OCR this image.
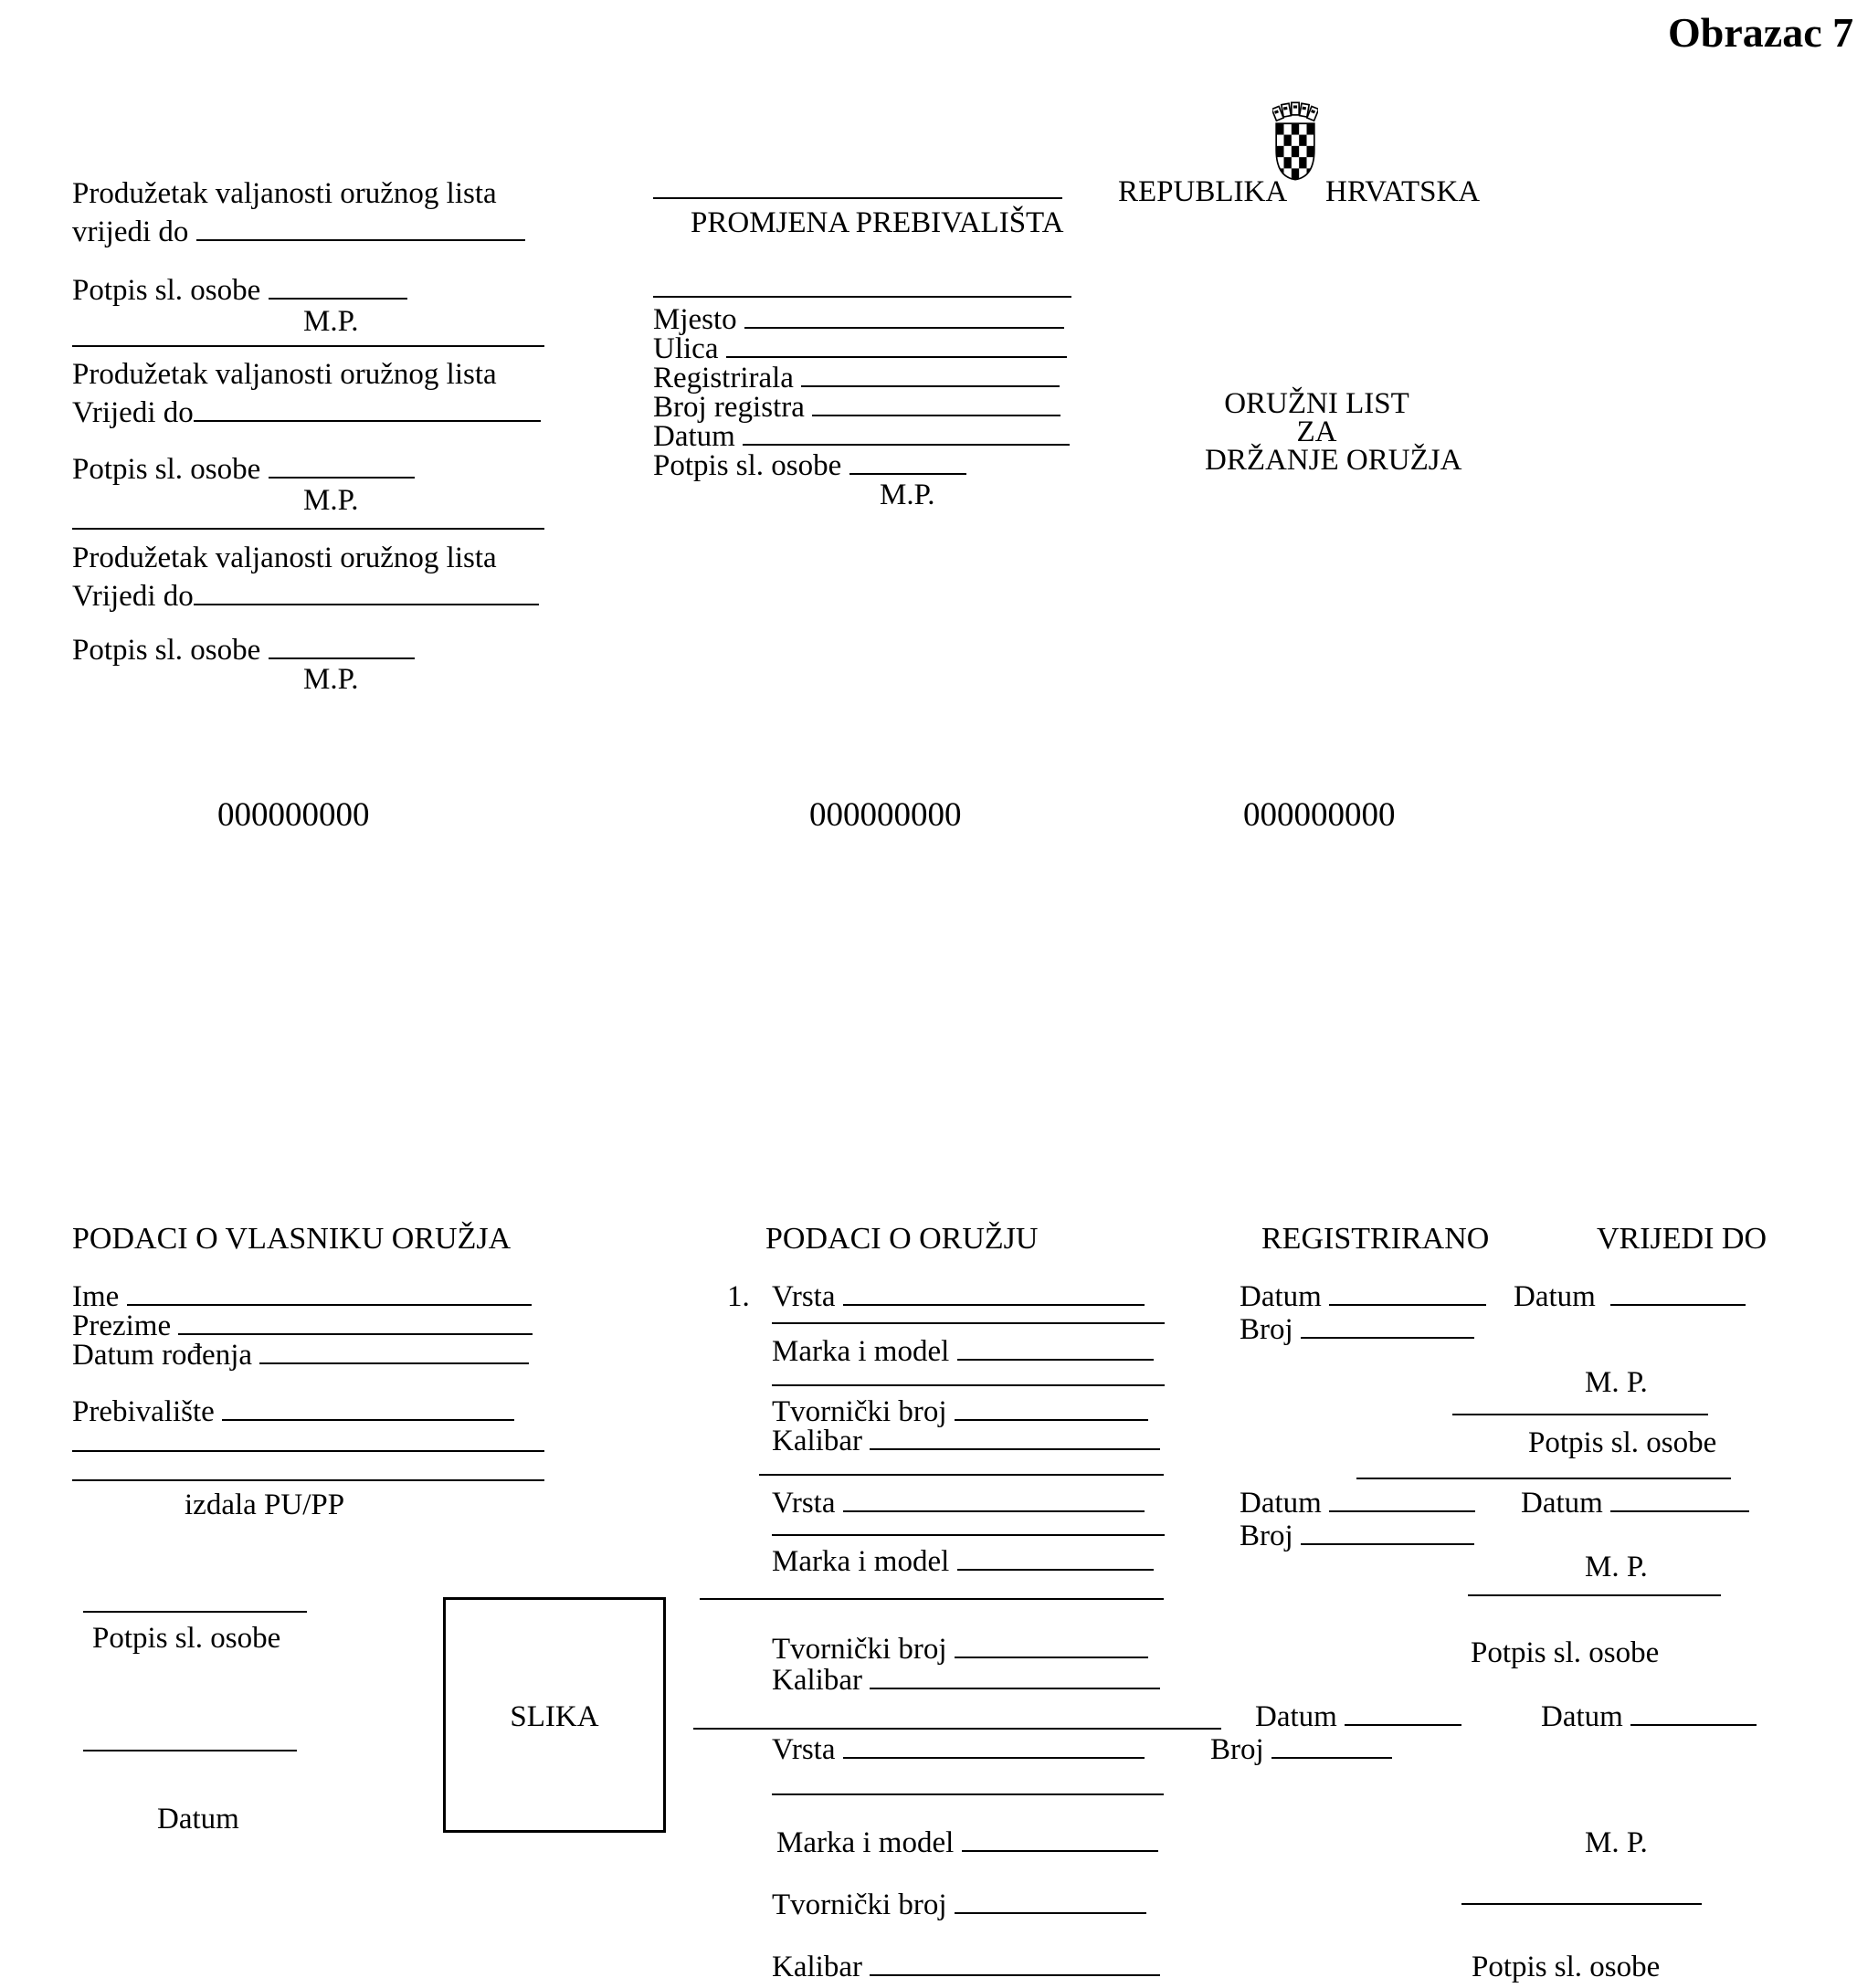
Obrazac 7
Produžetak valjanosti oružnog lista
vrijedi do
Potpis sl. osobe
M.P.
Produžetak valjanosti oružnog lista
Vrijedi do
Potpis sl. osobe
M.P.
Produžetak valjanosti oružnog lista
Vrijedi do
Potpis sl. osobe
M.P.
PROMJENA PREBIVALIŠTA
Mjesto
Ulica
Registrirala
Broj registra
Datum
Potpis sl. osobe
M.P.
REPUBLIKA HRVATSKA
ORUŽNI LIST
ZA
DRŽANJE ORUŽJA
000000000	000000000	000000000
PODACI O VLASNIKU ORUŽJA
Ime
Prezime
Datum rođenja
Prebivalište
izdala PU/PP
Potpis sl. osobe
Datum
SLIKA
PODACI O ORUŽJU
1. Vrsta
Marka i model
Tvornički broj
Kalibar
Vrsta
Marka i model
Tvornički broj
Kalibar
Vrsta
Marka i model
Tvornički broj
Kalibar
REGISTRIRANO	VRIJEDI DO
Datum	Datum
Broj
M. P.
Potpis sl. osobe
Datum	Datum
Broj
M. P.
Potpis sl. osobe
Datum	Datum
Broj
M. P.
Potpis sl. osobe
